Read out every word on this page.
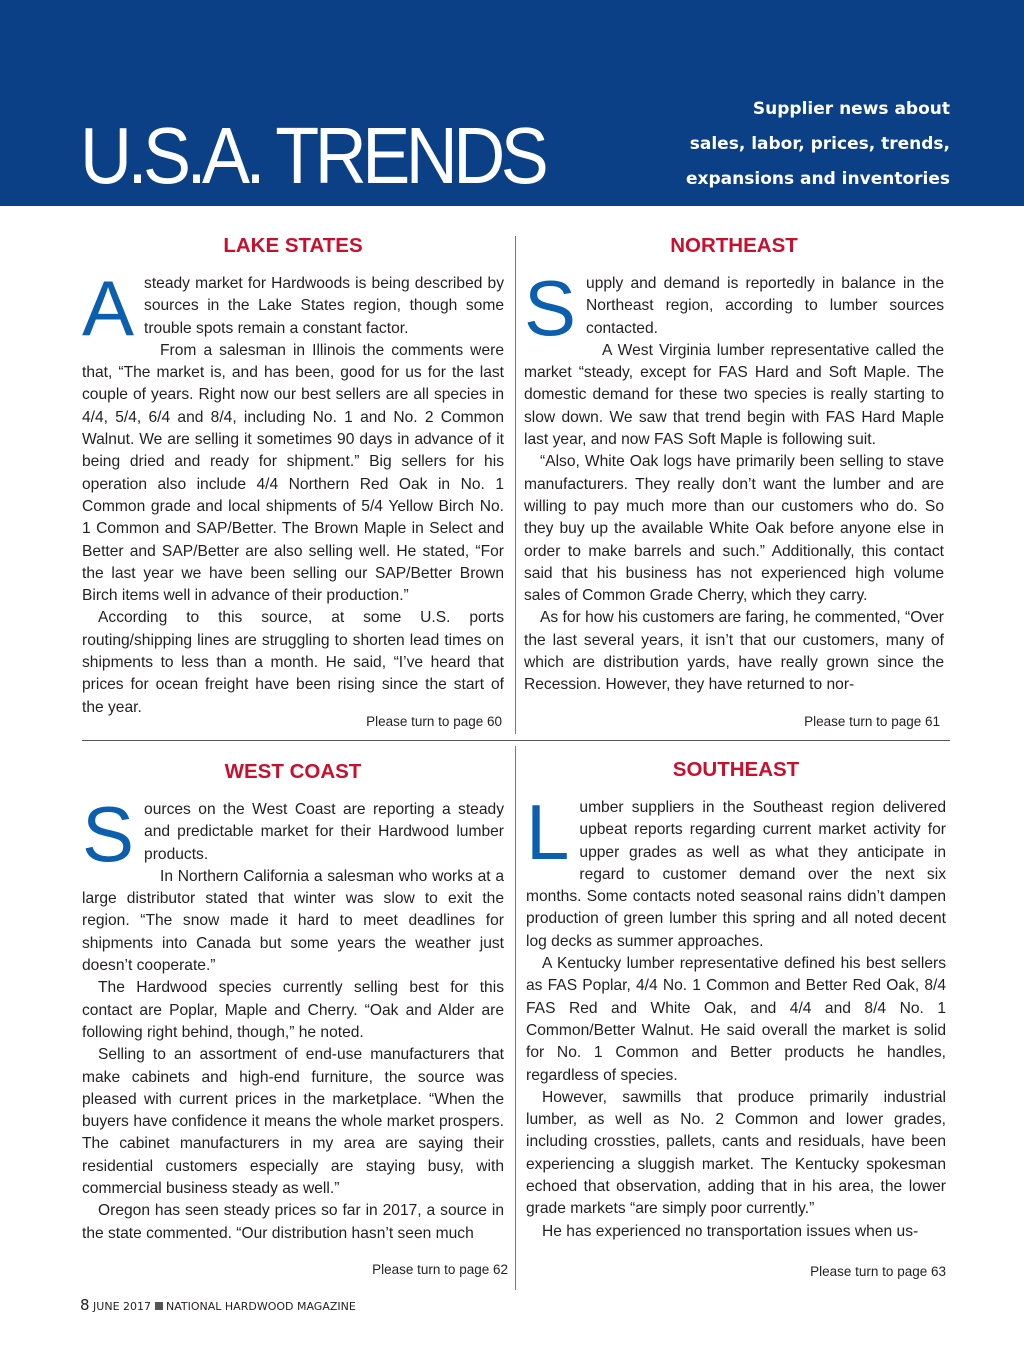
U.S.A. TRENDS
Supplier news about
sales, labor, prices, trends,
expansions and inventories
LAKE STATES
A steady market for Hardwoods is being described by sources in the Lake States region, though some trouble spots remain a constant factor.

From a salesman in Illinois the comments were that, “The market is, and has been, good for us for the last couple of years. Right now our best sellers are all species in 4/4, 5/4, 6/4 and 8/4, including No. 1 and No. 2 Common Walnut. We are selling it sometimes 90 days in advance of it being dried and ready for shipment.” Big sellers for his operation also include 4/4 Northern Red Oak in No. 1 Common grade and local shipments of 5/4 Yellow Birch No. 1 Common and SAP/Better. The Brown Maple in Select and Better and SAP/Better are also selling well. He stated, “For the last year we have been selling our SAP/Better Brown Birch items well in advance of their production.”

According to this source, at some U.S. ports routing/shipping lines are struggling to shorten lead times on shipments to less than a month. He said, “I’ve heard that prices for ocean freight have been rising since the start of the year.

Please turn to page 60
NORTHEAST
S upply and demand is reportedly in balance in the Northeast region, according to lumber sources contacted.

A West Virginia lumber representative called the market “steady, except for FAS Hard and Soft Maple. The domestic demand for these two species is really starting to slow down. We saw that trend begin with FAS Hard Maple last year, and now FAS Soft Maple is following suit.

“Also, White Oak logs have primarily been selling to stave manufacturers. They really don’t want the lumber and are willing to pay much more than our customers who do. So they buy up the available White Oak before anyone else in order to make barrels and such.” Additionally, this contact said that his business has not experienced high volume sales of Common Grade Cherry, which they carry.

As for how his customers are faring, he commented, “Over the last several years, it isn’t that our customers, many of which are distribution yards, have really grown since the Recession. However, they have returned to nor-

Please turn to page 61
WEST COAST
S ources on the West Coast are reporting a steady and predictable market for their Hardwood lumber products.

In Northern California a salesman who works at a large distributor stated that winter was slow to exit the region. “The snow made it hard to meet deadlines for shipments into Canada but some years the weather just doesn’t cooperate.”

The Hardwood species currently selling best for this contact are Poplar, Maple and Cherry. “Oak and Alder are following right behind, though,” he noted.

Selling to an assortment of end-use manufacturers that make cabinets and high-end furniture, the source was pleased with current prices in the marketplace. “When the buyers have confidence it means the whole market prospers. The cabinet manufacturers in my area are saying their residential customers especially are staying busy, with commercial business steady as well.”

Oregon has seen steady prices so far in 2017, a source in the state commented. “Our distribution hasn’t seen much

Please turn to page 62
SOUTHEAST
L umber suppliers in the Southeast region delivered upbeat reports regarding current market activity for upper grades as well as what they anticipate in regard to customer demand over the next six months. Some contacts noted seasonal rains didn’t dampen production of green lumber this spring and all noted decent log decks as summer approaches.

A Kentucky lumber representative defined his best sellers as FAS Poplar, 4/4 No. 1 Common and Better Red Oak, 8/4 FAS Red and White Oak, and 4/4 and 8/4 No. 1 Common/Better Walnut. He said overall the market is solid for No. 1 Common and Better products he handles, regardless of species.

However, sawmills that produce primarily industrial lumber, as well as No. 2 Common and lower grades, including crossties, pallets, cants and residuals, have been experiencing a sluggish market. The Kentucky spokesman echoed that observation, adding that in his area, the lower grade markets “are simply poor currently.”

He has experienced no transportation issues when us-

Please turn to page 63
8 JUNE 2017 NATIONAL HARDWOOD MAGAZINE
